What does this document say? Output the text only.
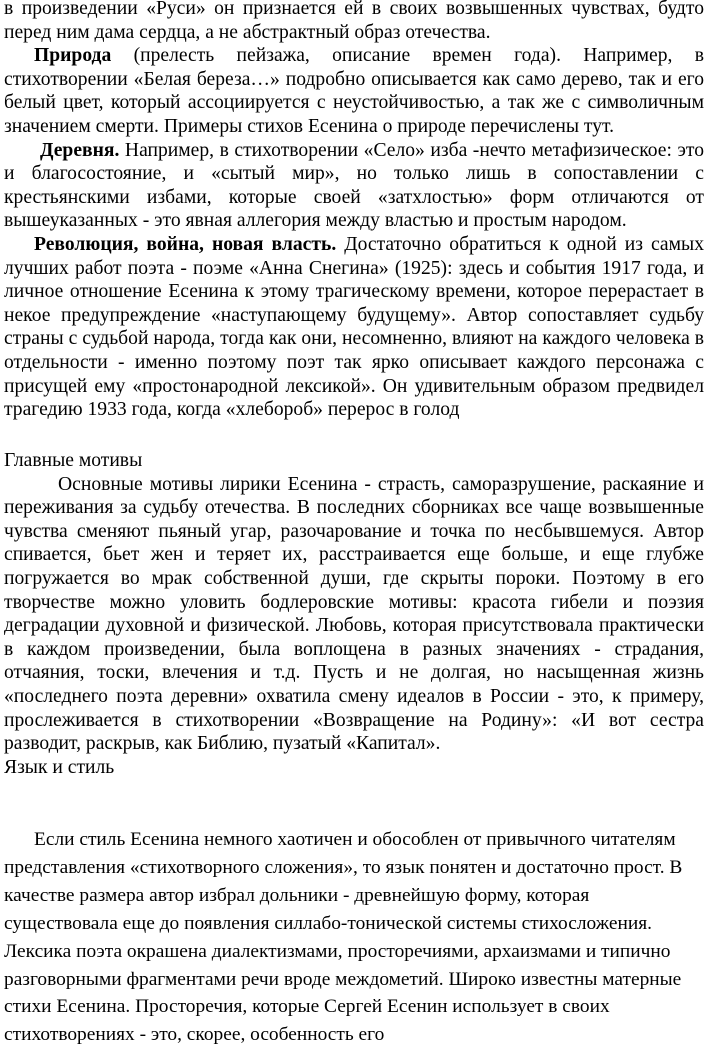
в произведении «Руси» он признается ей в своих возвышенных чувствах, будто перед ним дама сердца, а не абстрактный образ отечества.

Природа (прелесть пейзажа, описание времен года). Например, в стихотворении «Белая береза…» подробно описывается как само дерево, так и его белый цвет, который ассоциируется с неустойчивостью, а так же с символичным значением смерти. Примеры стихов Есенина о природе перечислены тут.

Деревня. Например, в стихотворении «Село» изба -нечто метафизическое: это и благосостояние, и «сытый мир», но только лишь в сопоставлении с крестьянскими избами, которые своей «затхлостью» форм отличаются от вышеуказанных - это явная аллегория между властью и простым народом.

Революция, война, новая власть. Достаточно обратиться к одной из самых лучших работ поэта - поэме «Анна Снегина» (1925): здесь и события 1917 года, и личное отношение Есенина к этому трагическому времени, которое перерастает в некое предупреждение «наступающему будущему». Автор сопоставляет судьбу страны с судьбой народа, тогда как они, несомненно, влияют на каждого человека в отдельности - именно поэтому поэт так ярко описывает каждого персонажа с присущей ему «простонародной лексикой». Он удивительным образом предвидел трагедию 1933 года, когда «хлебороб» перерос в голод

Главные мотивы

Основные мотивы лирики Есенина - страсть, саморазрушение, раскаяние и переживания за судьбу отечества. В последних сборниках все чаще возвышенные чувства сменяют пьяный угар, разочарование и точка по несбывшемуся. Автор спивается, бьет жен и теряет их, расстраивается еще больше, и еще глубже погружается во мрак собственной души, где скрыты пороки. Поэтому в его творчестве можно уловить бодлеровские мотивы: красота гибели и поэзия деградации духовной и физической. Любовь, которая присутствовала практически в каждом произведении, была воплощена в разных значениях - страдания, отчаяния, тоски, влечения и т.д. Пусть и не долгая, но насыщенная жизнь «последнего поэта деревни» охватила смену идеалов в России - это, к примеру, прослеживается в стихотворении «Возвращение на Родину»: «И вот сестра разводит, раскрыв, как Библию, пузатый «Капитал».

Язык и стиль

Если стиль Есенина немного хаотичен и обособлен от привычного читателям представления «стихотворного сложения», то язык понятен и достаточно прост. В качестве размера автор избрал дольники - древнейшую форму, которая существовала еще до появления силлабо-тонической системы стихосложения. Лексика поэта окрашена диалектизмами, просторечиями, архаизмами и типично разговорными фрагментами речи вроде междометий. Широко известны матерные стихи Есенина. Просторечия, которые Сергей Есенин использует в своих стихотворениях - это, скорее, особенность его
